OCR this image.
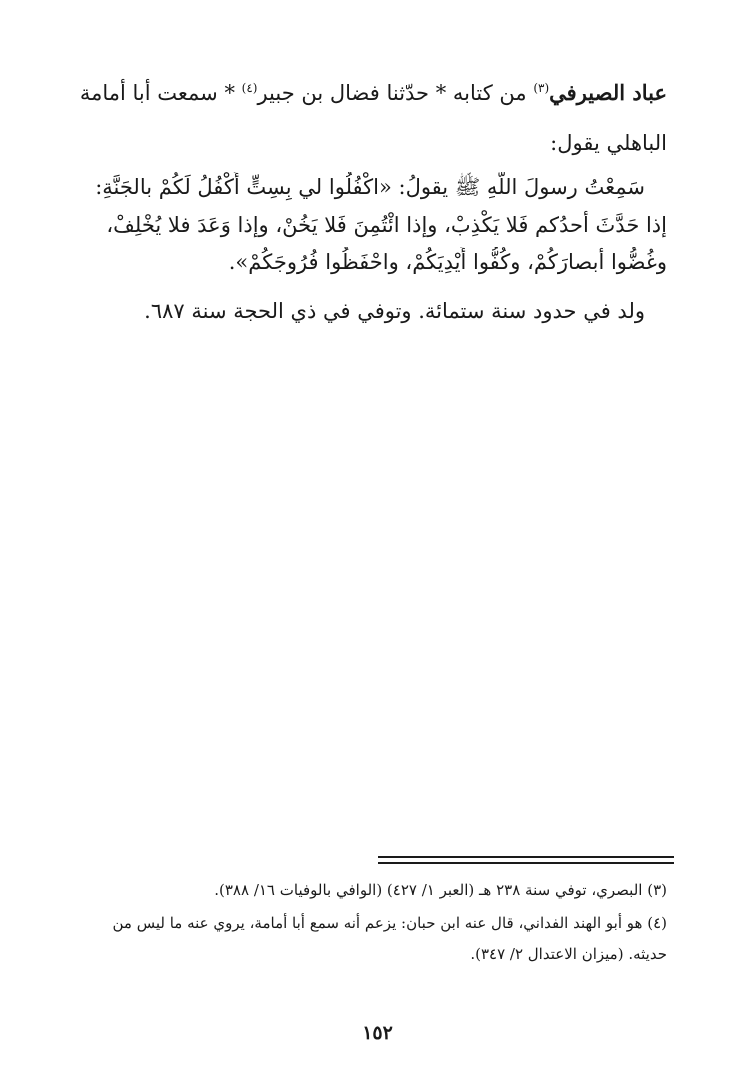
عباد الصيرفي$^{(٣)}$ من كتابه * حدّثنا فضال بن جبير$^{(٤)}$ * سمعت أبا أمامة
الباهلي يقول:
سَمِعْتُ رسولَ اللَّهِ ﷺ يقولُ: «اكْفُلُوا لي بِسِتٍّ أَكْفُلُ لَكُمْ بالجَنَّةِ:
إذا حَدَّثَ أحدُكم فَلا يَكْذِبْ، وإذا ائْتُمِنَ فَلا يَخُنْ، وإذا وَعَدَ فلا يُخْلِفْ،
وغُضُّوا أبصارَكُمْ، وكُفُّوا أَيْدِيَكُمْ، واحْفَظُوا فُرُوجَكُمْ».
ولد في حدود سنة ستمائة. وتوفي في ذي الحجة سنة ٦٨٧.
(٣) البصري، توفي سنة ٢٣٨ هـ (العبر ١/ ٤٢٧) (الوافي بالوفيات ١٦/ ٣٨٨).
(٤) هو أبو الهند الفداني، قال عنه ابن حبان: يزعم أنه سمع أبا أمامة، يروي عنه ما ليس من
حديثه. (ميزان الاعتدال ٢/ ٣٤٧).
١٥٢
